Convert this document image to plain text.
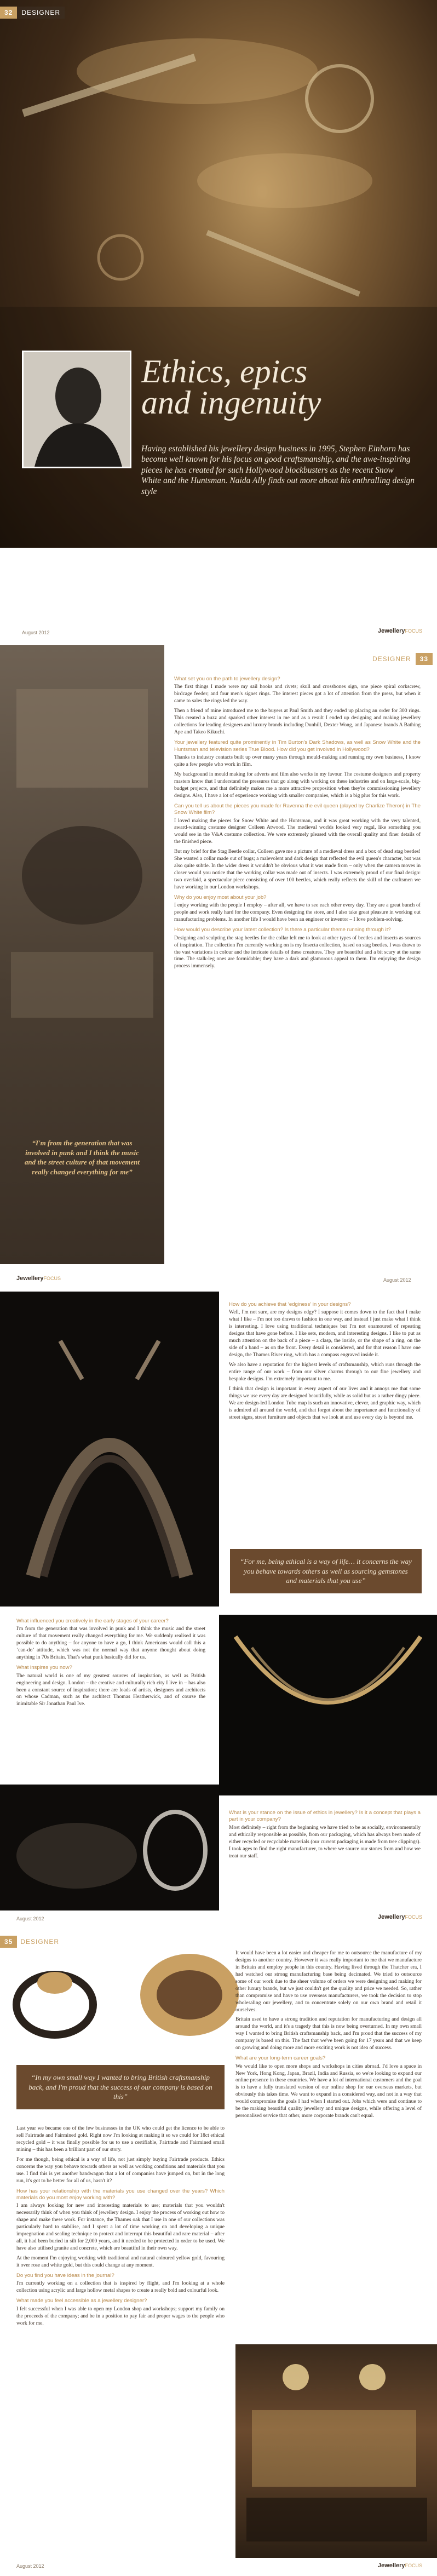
32	DESIGNER
Ethics, epics
and ingenuity
Having established his jewellery design business in 1995, Stephen Einhorn has become well known for his focus on good craftsmanship, and the awe-inspiring pieces he has created for such Hollywood blockbusters as the recent Snow White and the Huntsman. Naida Ally finds out more about his enthralling design style
August 2012	JewelleryFOCUS
“I'm from the generation that was involved in punk and I think the music and the street culture of that movement really changed everything for me”
DESIGNER	33
What set you on the path to jewellery design?

The first things I made were my sail hooks and rivets; skull and crossbones sign, one piece spiral corkscrew, birdcage feeder; and four men's signet rings. The interest pieces got a lot of attention from the press, but when it came to sales the rings led the way.

Then a friend of mine introduced me to the buyers at Paul Smith and they ended up placing an order for 300 rings. This created a buzz and sparked other interest in me and as a result I ended up designing and making jewellery collections for leading designers and luxury brands including Dunhill, Dexter Wong, and Japanese brands A Bathing Ape and Takeo Kikuchi.

Your jewellery featured quite prominently in Tim Burton's Dark Shadows, as well as Snow White and the Huntsman and television series True Blood. How did you get involved in Hollywood?

Thanks to industry contacts built up over many years through mould-making and running my own business, I know quite a few people who work in film.

My background in mould making for adverts and film also works in my favour. The costume designers and property masters know that I understand the pressures that go along with working on these industries and on large-scale, big-budget projects, and that definitely makes me a more attractive proposition when they're commissioning jewellery designs. Also, I have a lot of experience working with smaller companies, which is a big plus for this work.

Can you tell us about the pieces you made for Ravenna the evil queen (played by Charlize Theron) in The Snow White film?

I loved making the pieces for Snow White and the Huntsman, and it was great working with the very talented, award-winning costume designer Colleen Atwood. The medieval worlds looked very regal, like something you would see in the V&A costume collection. We were extremely pleased with the overall quality and finer details of the finished piece.

But my brief for the Stag Beetle collar, Colleen gave me a picture of a medieval dress and a box of dead stag beetles! She wanted a collar made out of bugs; a malevolent and dark design that reflected the evil queen's character, but was also quite subtle. In the wider dress it wouldn't be obvious what it was made from – only when the camera moves in closer would you notice that the working collar was made out of insects. I was extremely proud of our final design: two overlaid, a spectacular piece consisting of over 100 beetles, which really reflects the skill of the craftsmen we have working in our London workshops.

Why do you enjoy most about your job?

I enjoy working with the people I employ – after all, we have to see each other every day. They are a great bunch of people and work really hard for the company. Even designing the store, and I also take great pleasure in working out manufacturing problems. In another life I would have been an engineer or inventor – I love problem-solving.

How would you describe your latest collection? Is there a particular theme running through it?

Designing and sculpting the stag beetles for the collar left me to look at other types of beetles and insects as sources of inspiration. The collection I'm currently working on is my Insecta collection, based on stag beetles. I was drawn to the vast variations in colour and the intricate details of these creatures. They are beautiful and a bit scary at the same time. The stalk-leg ones are formidable; they have a dark and glamorous appeal to them. I'm enjoying the design process immensely.

JewelleryFOCUS	August 2012
How do you achieve that ‘edginess’ in your designs?

Well, I'm not sure, are my designs edgy? I suppose it comes down to the fact that I make what I like – I'm not too drawn to fashion in one way, and instead I just make what I think is interesting. I love using traditional techniques but I'm not enamoured of repeating designs that have gone before. I like sets, modern, and interesting designs. I like to put as much attention on the back of a piece – a clasp, the inside, or the shape of a ring, on the side of a band – as on the front. Every detail is considered, and for that reason I have one design, the Thames River ring, which has a compass engraved inside it.

We also have a reputation for the highest levels of craftsmanship, which runs through the entire range of our work – from our silver charms through to our fine jewellery and bespoke designs. I'm extremely important to me.

I think that design is important in every aspect of our lives and it annoys me that some things we use every day are designed beautifully, while as solid but as a rather dingy piece. We are design-led London Tube map is such an innovative, clever, and graphic way, which is admired all around the world, and that forgot about the importance and functionality of street signs, street furniture and objects that we look at and use every day is beyond me.

“For me, being ethical is a way of life… it concerns the way you behave towards others as well as sourcing gemstones and materials that you use”
What influenced you creatively in the early stages of your career?

I'm from the generation that was involved in punk and I think the music and the street culture of that movement really changed everything for me. We suddenly realised it was possible to do anything – for anyone to have a go, I think Americans would call this a ‘can-do’ attitude, which was not the normal way that anyone thought about doing anything in 70s Britain. That's what punk basically did for us.

What inspires you now?

The natural world is one of my greatest sources of inspiration, as well as British engineering and design. London – the creative and culturally rich city I live in – has also been a constant source of inspiration; there are loads of artists, designers and architects on whose Cadman, such as the architect Thomas Heatherwick, and of course the inimitable Sir Jonathan Paul Ive.

What is your stance on the issue of ethics in jewellery? Is it a concept that plays a part in your company?

Most definitely – right from the beginning we have tried to be as socially, environmentally and ethically responsible as possible, from our packaging, which has always been made of either recycled or recyclable materials (our current packaging is made from tree clippings). I took ages to find the right manufacturer, to where we source our stones from and how we treat our staff.

August 2012	JewelleryFOCUS
35	DESIGNER
“In my own small way I wanted to bring British craftsmanship back, and I'm proud that the success of our company is based on this”

Last year we became one of the few businesses in the UK who could get the licence to be able to sell Fairtrade and Fairmined gold. Right now I'm looking at making it so we could for 18ct ethical recycled gold – it was finally possible for us to use a certifiable, Fairtrade and Fairmined small mining – this has been a brilliant part of our story.

For me though, being ethical is a way of life, not just simply buying Fairtrade products. Ethics concerns the way you behave towards others as well as working conditions and materials that you use. I find this is yet another bandwagon that a lot of companies have jumped on, but in the long run, it's got to be better for all of us, hasn't it?

How has your relationship with the materials you use changed over the years? Which materials do you most enjoy working with?

I am always looking for new and interesting materials to use; materials that you wouldn't necessarily think of when you think of jewellery design. I enjoy the process of working out how to shape and make these work. For instance, the Thames oak that I use in one of our collections was particularly hard to stabilise, and I spent a lot of time working on and developing a unique impregnation and sealing technique to protect and interrupt this beautiful and rare material – after all, it had been buried in silt for 2,000 years, and it needed to be protected in order to be used. We have also utilised granite and concrete, which are beautiful in their own way.

At the moment I'm enjoying working with traditional and natural coloured yellow gold, favouring it over rose and white gold, but this could change at any moment.

Do you find you have ideas in the journal?

I'm currently working on a collection that is inspired by flight, and I'm looking at a whole collection using acrylic and large hollow metal shapes to create a really bold and colourful look.

What made you feel accessible as a jewellery designer?

I felt successful when I was able to open my London shop and workshops; support my family on the proceeds of the company; and be in a position to pay fair and proper wages to the people who work for me.

It would have been a lot easier and cheaper for me to outsource the manufacture of my designs to another country. However it was really important to me that we manufacture in Britain and employ people in this country. Having lived through the Thatcher era, I had watched our strong manufacturing base being decimated. We tried to outsource some of our work due to the sheer volume of orders we were designing and making for other luxury brands, but we just couldn't get the quality and price we needed. So, rather than compromise and have to use overseas manufacturers, we took the decision to stop wholesaling our jewellery, and to concentrate solely on our own brand and retail it ourselves.

Britain used to have a strong tradition and reputation for manufacturing and design all around the world, and it's a tragedy that this is now being overturned. In my own small way I wanted to bring British craftsmanship back, and I'm proud that the success of my company is based on this. The fact that we've been going for 17 years and that we keep on growing and doing more and more exciting work is not idea of success.

What are your long-term career goals?

We would like to open more shops and workshops in cities abroad. I'd love a space in New York, Hong Kong, Japan, Brazil, India and Russia, so we're looking to expand our online presence in these countries. We have a lot of international customers and the goal is to have a fully translated version of our online shop for our overseas markets, but obviously this takes time. We want to expand in a considered way, and not in a way that would compromise the goals I had when I started out. Jobs which were and continue to be the making beautiful quality jewellery and unique designs, while offering a level of personalised service that other, more corporate brands can't equal.

August 2012	JewelleryFOCUS
